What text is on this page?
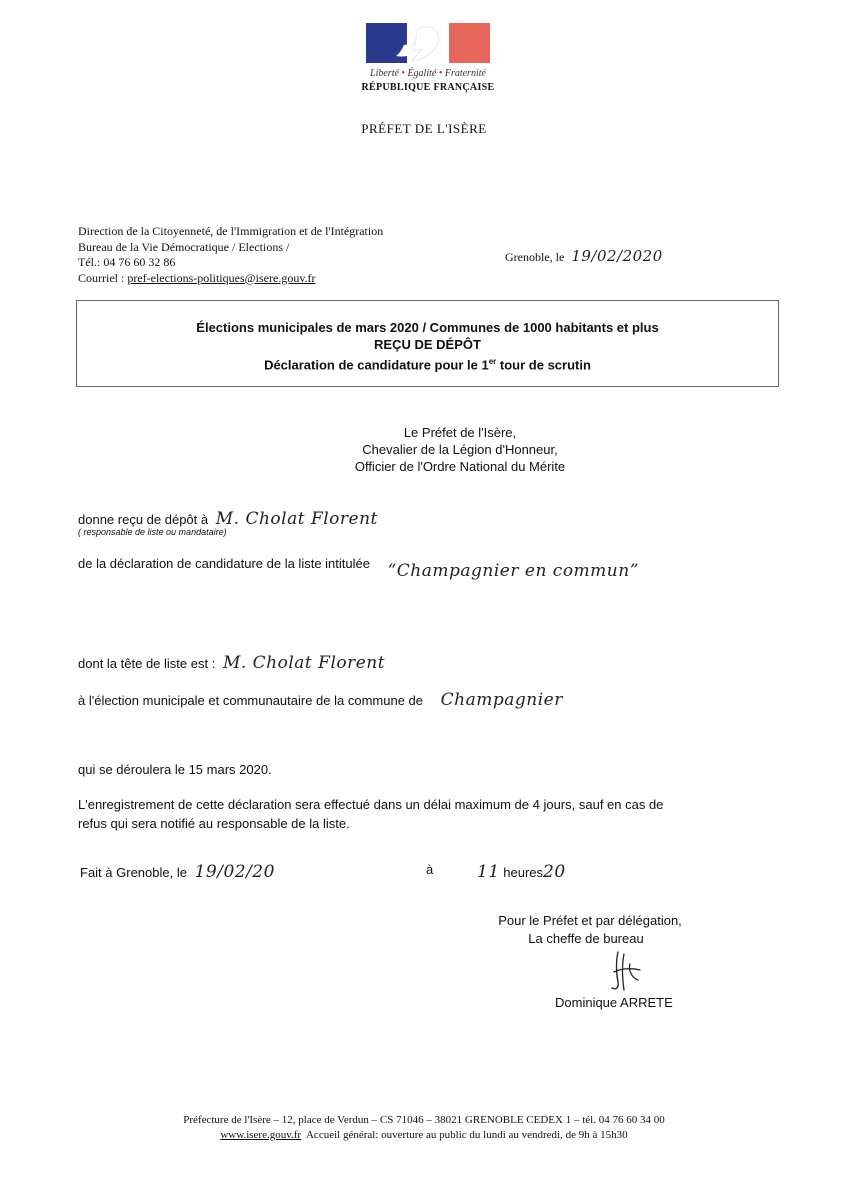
Liberté • Égalité • Fraternité
RÉPUBLIQUE FRANÇAISE
PRÉFET DE L'ISÈRE
Direction de la Citoyenneté, de l'Immigration et de l'Intégration
Bureau de la Vie Démocratique / Elections /
Tél.: 04 76 60 32 86
Courriel : pref-elections-politiques@isere.gouv.fr
Grenoble, le 19/02/2020
Élections municipales de mars 2020 / Communes de 1000 habitants et plus
REÇU DE DÉPÔT
Déclaration de candidature pour le 1er tour de scrutin
Le Préfet de l'Isère,
Chevalier de la Légion d'Honneur,
Officier de l'Ordre National du Mérite
donne reçu de dépôt à M. Cholat Florent
( responsable de liste ou mandataire)
de la déclaration de candidature de la liste intitulée “Champagnier en commun”
dont la tête de liste est : M. Cholat Florent
à l'élection municipale et communautaire de la commune de Champagnier
qui se déroulera le 15 mars 2020.
L'enregistrement de cette déclaration sera effectué dans un délai maximum de 4 jours, sauf en cas de
refus qui sera notifié au responsable de la liste.
Fait à Grenoble, le 19/02/20	à	11 heures20
Pour le Préfet et par délégation,
La cheffe de bureau
Dominique ARRETE
Préfecture de l'Isère – 12, place de Verdun – CS 71046 – 38021 GRENOBLE CEDEX 1 – tél. 04 76 60 34 00
www.isere.gouv.fr  Accueil général: ouverture au public du lundi au vendredi, de 9h à 15h30
